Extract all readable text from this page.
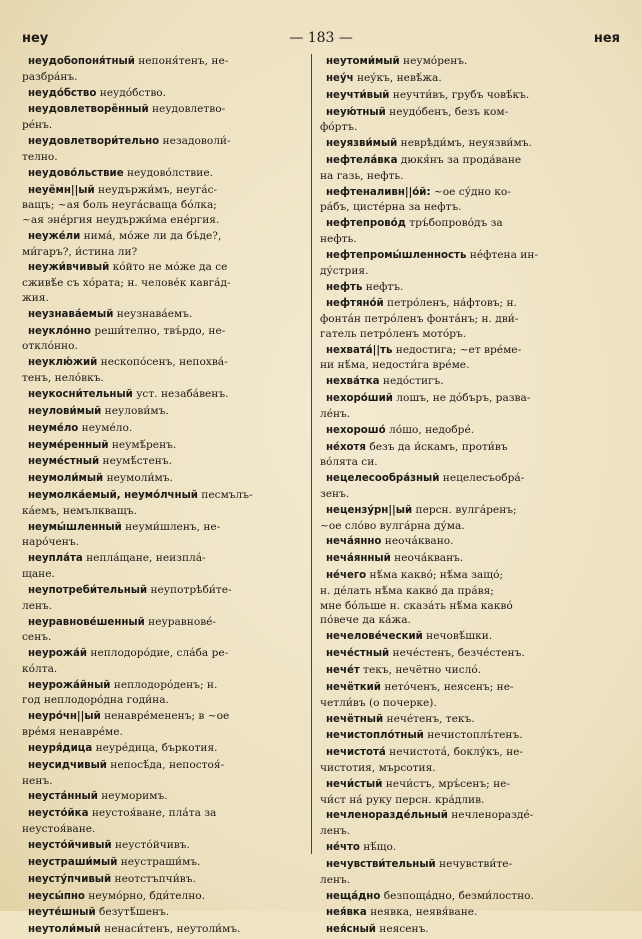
неу	— 183 —	нея
неудобопоня́тный непоня́тенъ, не-
разбра́нъ.
неудо́бство неудо́бство.
неудовлетворённый неудовлетво-
ре́нъ.
неудовлетвори́тельно незадоволи́-
телно.
неудово́льствие неудово́лствие.
неуёмн||ый неудържи́мъ, неуга́с-
ващъ; ~ая боль неуга́сваща бо́лка;
~ая эне́ргия неудържи́ма ене́ргия.
неуже́ли нима́, мо́же ли да бъ́де?,
ми́гаръ?, и́стина ли?
неужи́вчивый ко́йто не мо́же да се
сживѣ́е съ хо́рата; н. челове́к кавга́д-
жия.
неузнава́емый неузнава́емъ.
неукло́нно реши́телно, твъ́рдо, не-
откло́нно.
неуклю́жий нескопо́сенъ, непохва́-
тенъ, нело́вкъ.
неукосни́тельный уст. незаба́венъ.
неулови́мый неулови́мъ.
неуме́ло неуме́ло.
неуме́ренный неумѣ́ренъ.
неуме́стный неумѣ́стенъ.
неумоли́мый неумоли́мъ.
неумолка́емый, неумо́лчный песмълъ-
ка́емъ, немълкващъ.
неумы́шленный неуми́шленъ, не-
наро́ченъ.
неупла́та непла́щане, неизпла́-
щане.
неупотреби́тельный неупотрѣби́те-
ленъ.
неуравнове́шенный неуравнове́-
сенъ.
неурожа́й неплодоро́дие, сла́ба ре-
ко́лта.
неурожа́йный неплодоро́денъ; н.
год неплодоро́дна годи́на.
неуро́чн||ый ненавре́мененъ; в ~ое
вре́мя ненавре́ме.
неуря́дица неуре́дица, бъркотия.
неусидчивый непосѣ́да, непостоя́-
ненъ.
неуста́нный неуморимъ.
неусто́йка неустоя́ване, пла́та за
неустоя́ване.
неусто́йчивый неусто́йчивъ.
неустраши́мый неустраши́мъ.
неусту́пчивый неотстъпчи́въ.
неусы́пно неумо́рно, бди́телно.
неуте́шный безутѣ́шенъ.
неутоли́мый ненаси́тенъ, неутоли́мъ.
неутоми́мый неумо́ренъ.
неу́ч неу́къ, невѣ́жа.
неучти́вый неучти́въ, грубъ човѣ́къ.
неую́тный неудо́бенъ, безъ ком-
фо́ртъ.
неуязви́мый неврѣди́мъ, неуязви́мъ.
нефтела́вка дюкя́нъ за прода́ване
на газь, нефть.
нефтеналивн||о́й: ~ое су́дно ко-
ра́бъ, цисте́рна за нефтъ.
нефтепрово́д тръ́бопрово́дъ за
нефть.
нефтепромы́шленность не́фтена ин-
ду́стрия.
нефть нефтъ.
нефтяно́й петро́ленъ, на́фтовъ; н.
фонта́н петро́ленъ фонта́нъ; н. дви́-
гатель петро́ленъ мото́ръ.
нехвата́||ть недостига; ~ет вре́ме-
ни нѣ́ма, недости́га вре́ме.
нехва́тка недо́стигъ.
нехоро́ший лошъ, не до́бъръ, разва-
ле́нъ.
нехорошо́ ло́шо, недобре́.
не́хотя безъ да и́скамъ, проти́въ
во́лята си.
нецелесообра́зный нецелесъобра́-
зенъ.
нецензу́рн||ый персн. вулга́ренъ;
~ое сло́во вулга́рна ду́ма.
неча́янно неоча́квано.
неча́янный неоча́кванъ.
не́чего нѣ́ма каквó; нѣ́ма защо́;
н. де́лать нѣ́ма какво́ да пра́вя;
мне бо́льше н. сказа́ть нѣ́ма какво́
по́вече да ка́жа.
нечелове́ческий нечовѣ́шки.
нече́стный нече́стенъ, безче́стенъ.
нече́т текъ, нечётно число́.
нечёткий нето́ченъ, неясенъ; не-
четли́въ (о почерке).
нечётный нече́тенъ, текъ.
нечистопло́тный нечистоплъ́тенъ.
нечистота́ нечистота́, боклу́къ, не-
чистотия, мърсотия.
нечи́стый нечи́стъ, мръ́сенъ; не-
чи́ст на́ руку персн. кра́длив.
нечленоразде́льный нечленоразде́-
ленъ.
не́что нѣ́що.
нечувстви́тельный нечувстви́те-
ленъ.
неща́дно безпоща́дно, безми́лостно.
нея́вка неявка, неявя́ване.
нея́сный неясенъ.
